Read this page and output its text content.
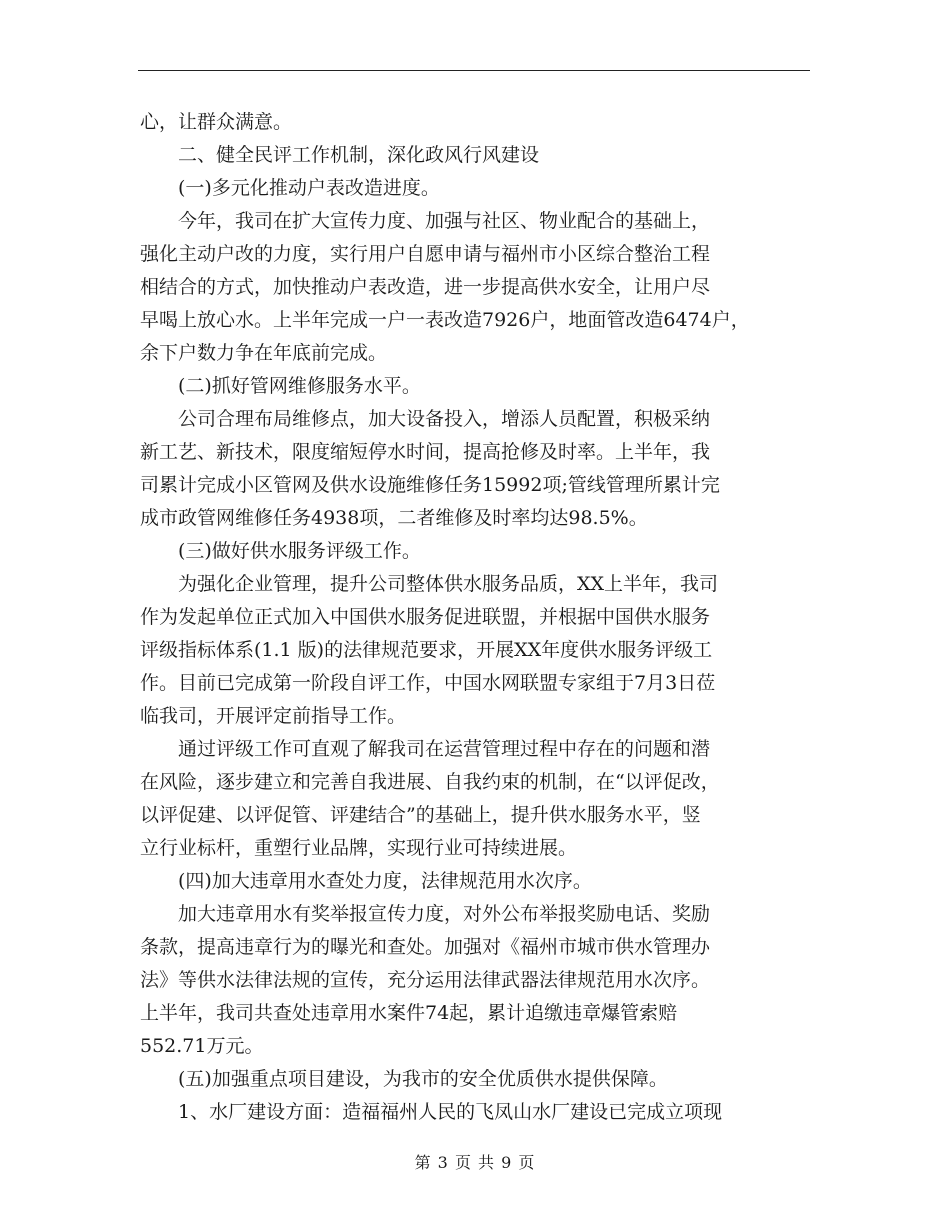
心，让群众满意。
二、健全民评工作机制，深化政风行风建设
(一)多元化推动户表改造进度。
今年，我司在扩大宣传力度、加强与社区、物业配合的基础上，
强化主动户改的力度，实行用户自愿申请与福州市小区综合整治工程
相结合的方式，加快推动户表改造，进一步提高供水安全，让用户尽
早喝上放心水。上半年完成一户一表改造7926户，地面管改造6474户，
余下户数力争在年底前完成。
(二)抓好管网维修服务水平。
公司合理布局维修点，加大设备投入，增添人员配置，积极采纳
新工艺、新技术，限度缩短停水时间，提高抢修及时率。上半年，我
司累计完成小区管网及供水设施维修任务15992项;管线管理所累计完
成市政管网维修任务4938项，二者维修及时率均达98.5%。
(三)做好供水服务评级工作。
为强化企业管理，提升公司整体供水服务品质，XX上半年，我司
作为发起单位正式加入中国供水服务促进联盟，并根据中国供水服务
评级指标体系(1.1 版)的法律规范要求，开展XX年度供水服务评级工
作。目前已完成第一阶段自评工作，中国水网联盟专家组于7月3日莅
临我司，开展评定前指导工作。
通过评级工作可直观了解我司在运营管理过程中存在的问题和潜
在风险，逐步建立和完善自我进展、自我约束的机制，在“以评促改，
以评促建、以评促管、评建结合”的基础上，提升供水服务水平，竖
立行业标杆，重塑行业品牌，实现行业可持续进展。
(四)加大违章用水查处力度，法律规范用水次序。
加大违章用水有奖举报宣传力度，对外公布举报奖励电话、奖励
条款，提高违章行为的曝光和查处。加强对《福州市城市供水管理办
法》等供水法律法规的宣传，充分运用法律武器法律规范用水次序。
上半年，我司共查处违章用水案件74起，累计追缴违章爆管索赔
552.71万元。
(五)加强重点项目建设，为我市的安全优质供水提供保障。
1、水厂建设方面：造福福州人民的飞凤山水厂建设已完成立项现
第 3 页 共 9 页
